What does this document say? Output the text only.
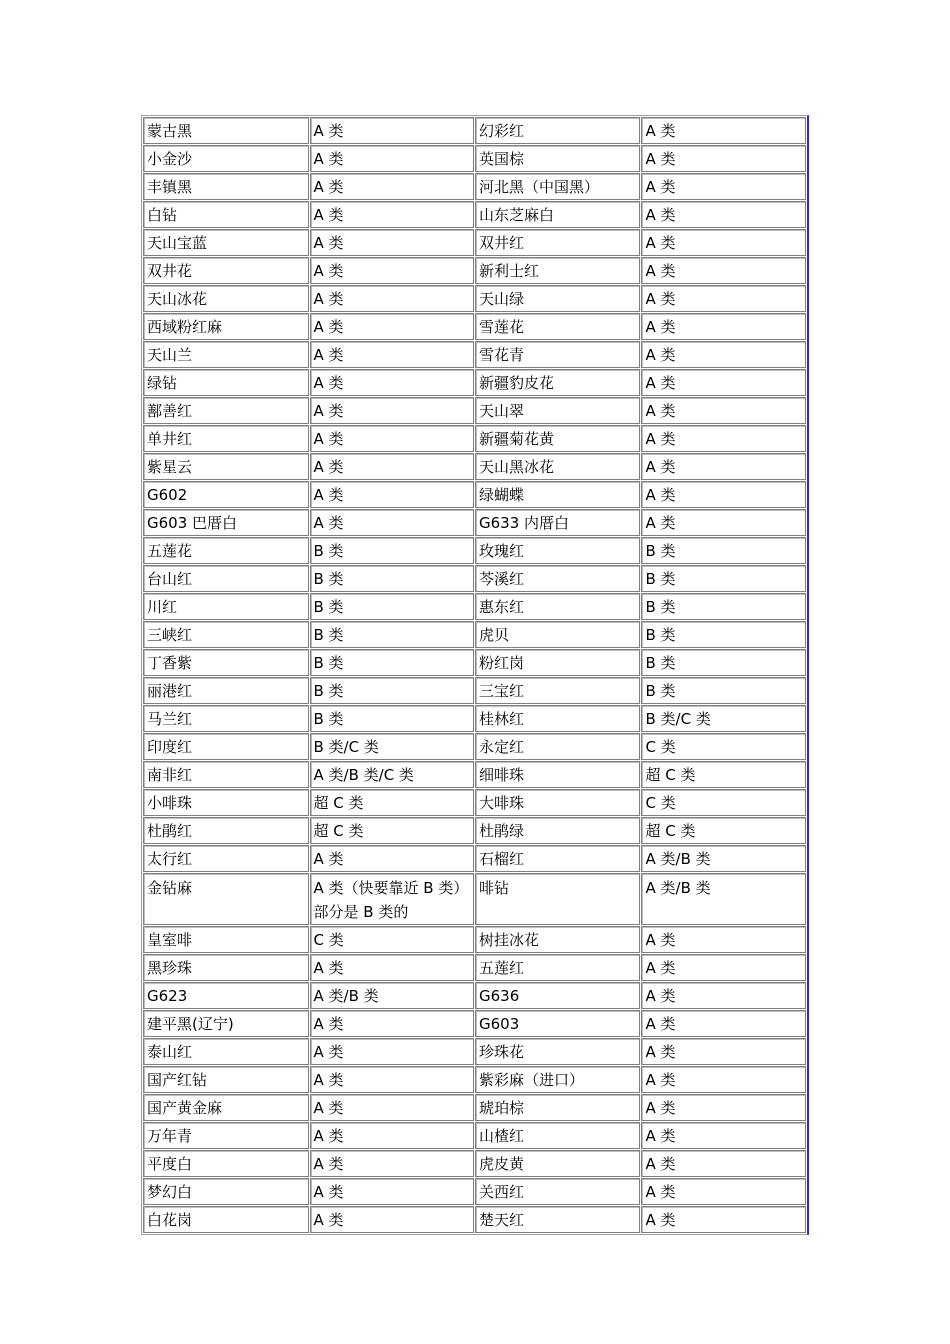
蒙古黑	A 类	幻彩红	A 类
小金沙	A 类	英国棕	A 类
丰镇黑	A 类	河北黑（中国黑）	A 类
白钻	A 类	山东芝麻白	A 类
天山宝蓝	A 类	双井红	A 类
双井花	A 类	新利士红	A 类
天山冰花	A 类	天山绿	A 类
西域粉红麻	A 类	雪莲花	A 类
天山兰	A 类	雪花青	A 类
绿钻	A 类	新疆豹皮花	A 类
鄯善红	A 类	天山翠	A 类
单井红	A 类	新疆菊花黄	A 类
紫星云	A 类	天山黑冰花	A 类
G602	A 类	绿蝴蝶	A 类
G603 巴厝白	A 类	G633 内厝白	A 类
五莲花	B 类	玫瑰红	B 类
台山红	B 类	芩溪红	B 类
川红	B 类	惠东红	B 类
三峡红	B 类	虎贝	B 类
丁香紫	B 类	粉红岗	B 类
丽港红	B 类	三宝红	B 类
马兰红	B 类	桂林红	B 类/C 类
印度红	B 类/C 类	永定红	C 类
南非红	A 类/B 类/C 类	细啡珠	超 C 类
小啡珠	超 C 类	大啡珠	C 类
杜鹃红	超 C 类	杜鹃绿	超 C 类
太行红	A 类	石榴红	A 类/B 类
金钻麻	A 类（快要靠近 B 类）部分是 B 类的	啡钻	A 类/B 类
皇室啡	C 类	树挂冰花	A 类
黑珍珠	A 类	五莲红	A 类
G623	A 类/B 类	G636	A 类
建平黑(辽宁)	A 类	G603	A 类
泰山红	A 类	珍珠花	A 类
国产红钻	A 类	紫彩麻（进口）	A 类
国产黄金麻	A 类	琥珀棕	A 类
万年青	A 类	山楂红	A 类
平度白	A 类	虎皮黄	A 类
梦幻白	A 类	关西红	A 类
白花岗	A 类	楚天红	A 类
